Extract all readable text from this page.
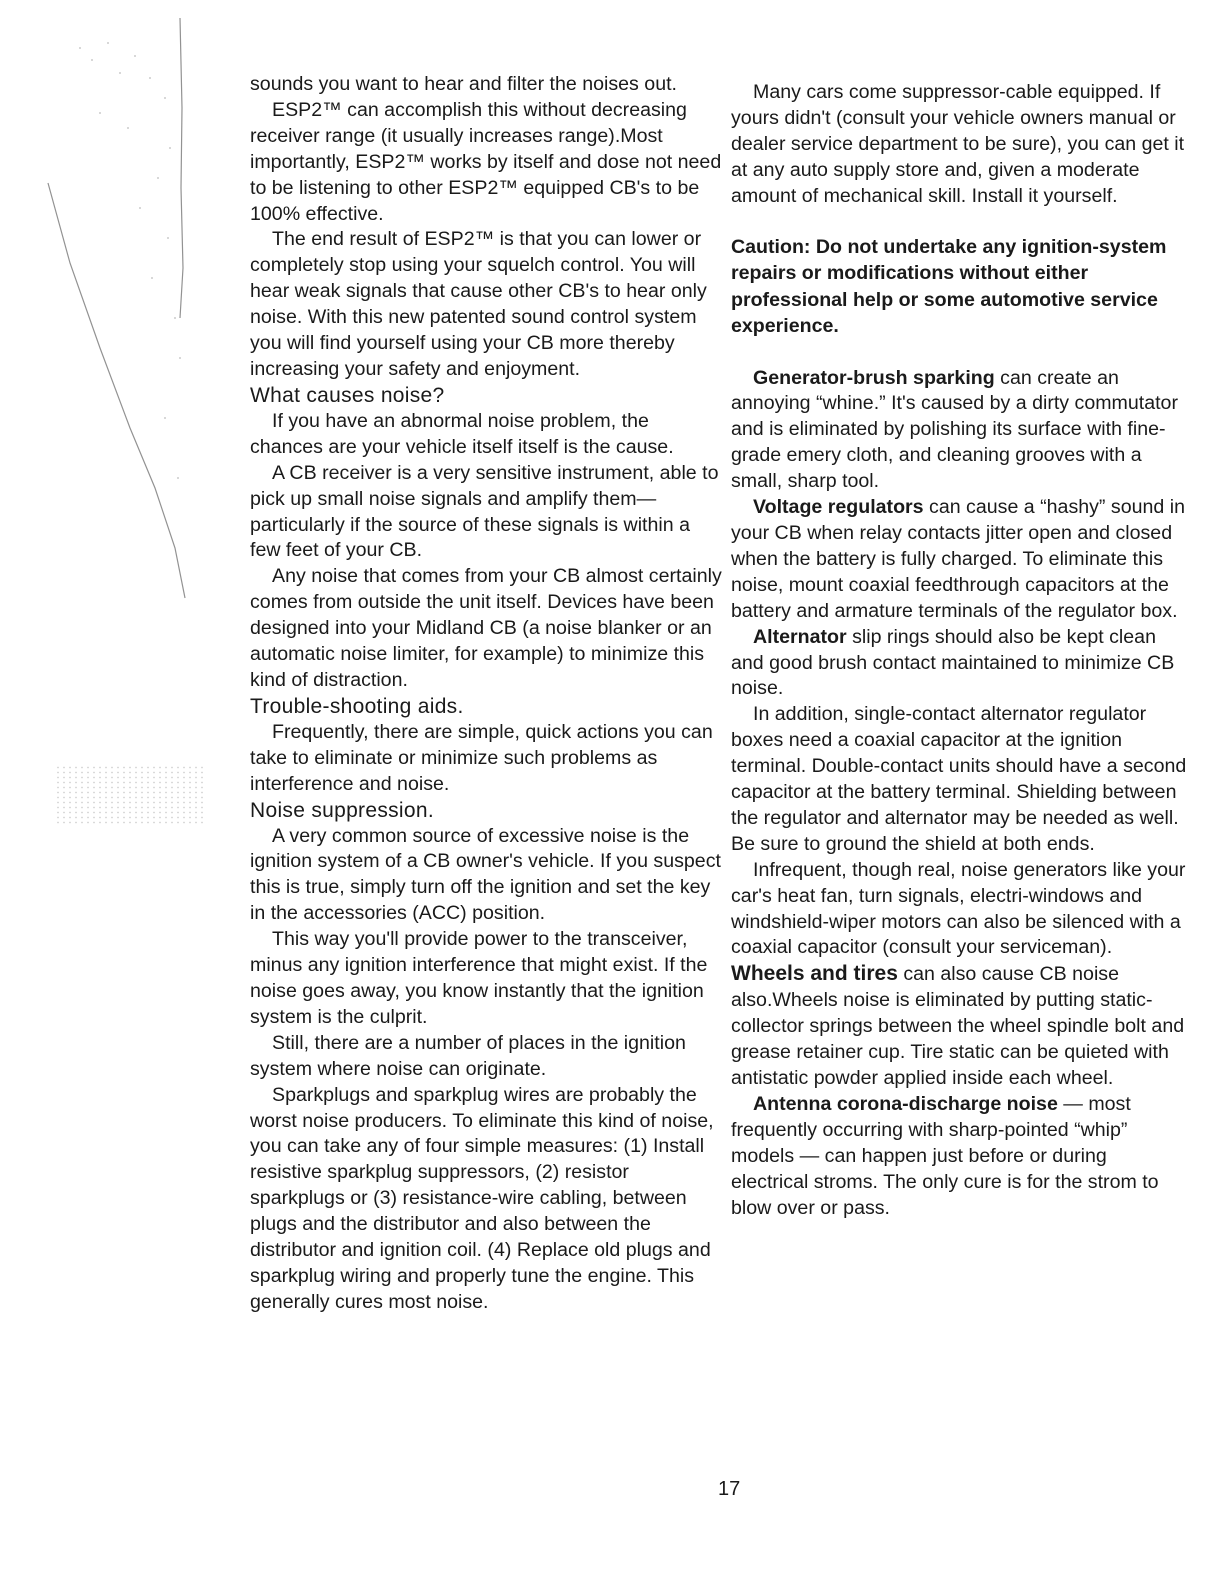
sounds you want to hear and filter the noises out.

ESP2™ can accomplish this without decreasing receiver range (it usually increases range).Most importantly, ESP2™ works by itself and dose not need to be listening to other ESP2™ equipped CB's to be 100% effective.

The end result of ESP2™ is that you can lower or completely stop using your squelch control. You will hear weak signals that cause other CB's to hear only noise. With this new patented sound control system you will find yourself using your CB more thereby increasing your safety and enjoyment.

What causes noise?

If you have an abnormal noise problem, the chances are your vehicle itself itself is the cause.

A CB receiver is a very sensitive instrument, able to pick up small noise signals and amplify them— particularly if the source of these signals is within a few feet of your CB.

Any noise that comes from your CB almost certainly comes from outside the unit itself. Devices have been designed into your Midland CB (a noise blanker or an automatic noise limiter, for example) to minimize this kind of distraction.

Trouble-shooting aids.

Frequently, there are simple, quick actions you can take to eliminate or minimize such problems as interference and noise.

Noise suppression.

A very common source of excessive noise is the ignition system of a CB owner's vehicle. If you suspect this is true, simply turn off the ignition and set the key in the accessories (ACC) position.

This way you'll provide power to the transceiver, minus any ignition interference that might exist. If the noise goes away, you know instantly that the ignition system is the culprit.

Still, there are a number of places in the ignition system where noise can originate.

Sparkplugs and sparkplug wires are probably the worst noise producers. To eliminate this kind of noise, you can take any of four simple measures: (1) Install resistive sparkplug suppressors, (2) resistor sparkplugs or (3) resistance-wire cabling, between plugs and the distributor and also between the distributor and ignition coil. (4) Replace old plugs and sparkplug wiring and properly tune the engine. This generally cures most noise.

Many cars come suppressor-cable equipped. If yours didn't (consult your vehicle owners manual or dealer service department to be sure), you can get it at any auto supply store and, given a moderate amount of mechanical skill. Install it yourself.

Caution: Do not undertake any ignition-system repairs or modifications without either professional help or some automotive service experience.

Generator-brush sparking can create an annoying “whine.” It's caused by a dirty commutator and is eliminated by polishing its surface with fine-grade emery cloth, and cleaning grooves with a small, sharp tool.

Voltage regulators can cause a “hashy” sound in your CB when relay contacts jitter open and closed when the battery is fully charged. To eliminate this noise, mount coaxial feedthrough capacitors at the battery and armature terminals of the regulator box.

Alternator slip rings should also be kept clean and good brush contact maintained to minimize CB noise.

In addition, single-contact alternator regulator boxes need a coaxial capacitor at the ignition terminal. Double-contact units should have a second capacitor at the battery terminal. Shielding between the regulator and alternator may be needed as well. Be sure to ground the shield at both ends.

Infrequent, though real, noise generators like your car's heat fan, turn signals, electri-windows and windshield-wiper motors can also be silenced with a coaxial capacitor (consult your serviceman).

Wheels and tires can also cause CB noise also.Wheels noise is eliminated by putting static-collector springs between the wheel spindle bolt and grease retainer cup. Tire static can be quieted with antistatic powder applied inside each wheel.

Antenna corona-discharge noise — most frequently occurring with sharp-pointed “whip” models — can happen just before or during electrical stroms. The only cure is for the strom to blow over or pass.

17
